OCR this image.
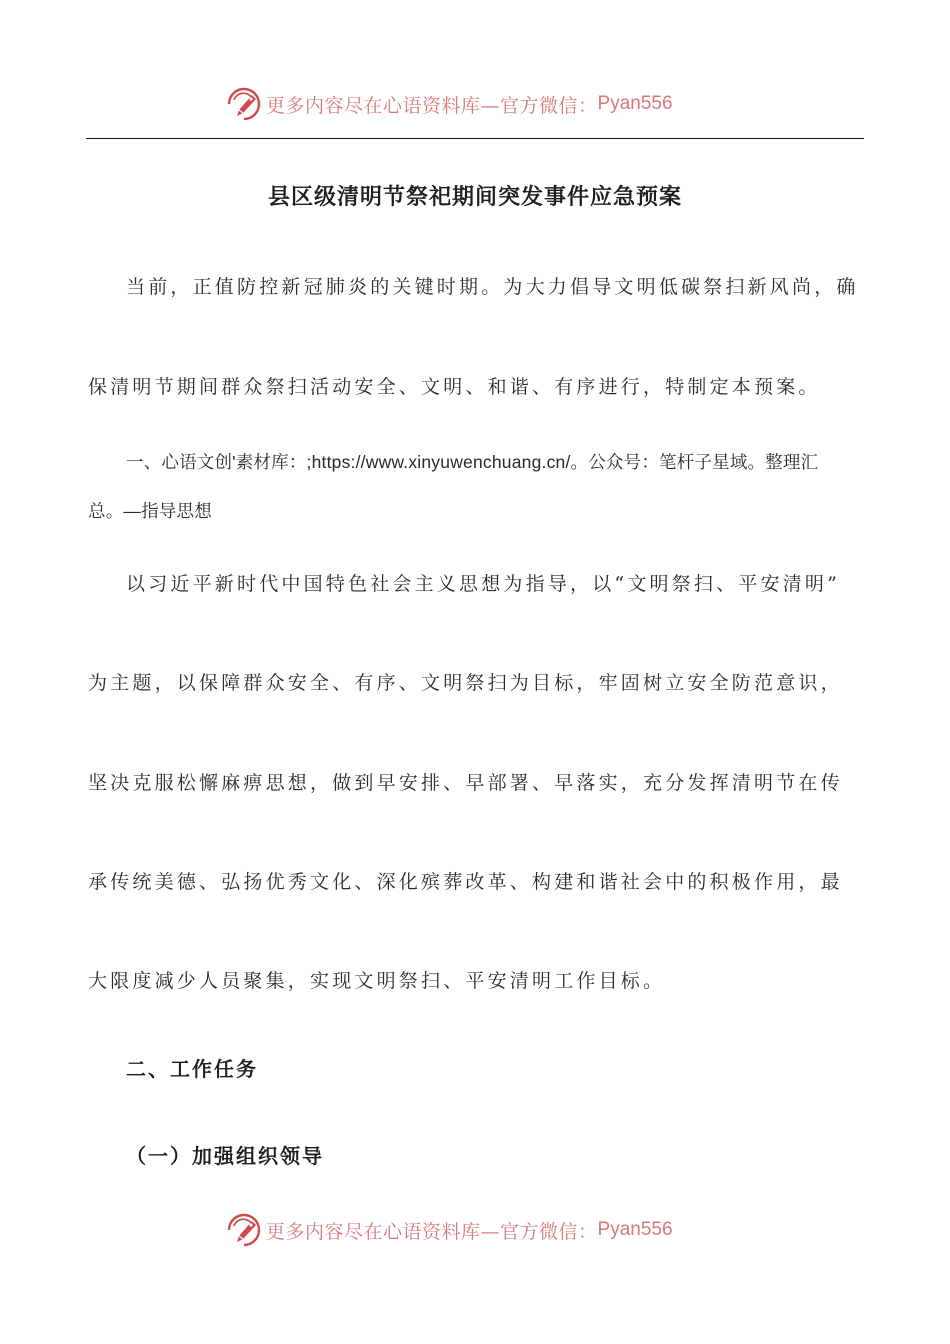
更多内容尽在心语资料库—官方微信： Pyan556
县区级清明节祭祀期间突发事件应急预案
当前，正值防控新冠肺炎的关键时期。为大力倡导文明低碳祭扫新风尚，确
保清明节期间群众祭扫活动安全、文明、和谐、有序进行，特制定本预案。
一、心语文创'素材库：;https://www.xinyuwenchuang.cn/。公众号：笔杆子星域。整理汇
总。—指导思想
以习近平新时代中国特色社会主义思想为指导，以“文明祭扫、平安清明”
为主题，以保障群众安全、有序、文明祭扫为目标，牢固树立安全防范意识，
坚决克服松懈麻痹思想，做到早安排、早部署、早落实，充分发挥清明节在传
承传统美德、弘扬优秀文化、深化殡葬改革、构建和谐社会中的积极作用，最
大限度减少人员聚集，实现文明祭扫、平安清明工作目标。
二、工作任务
（一）加强组织领导
更多内容尽在心语资料库—官方微信： Pyan556
